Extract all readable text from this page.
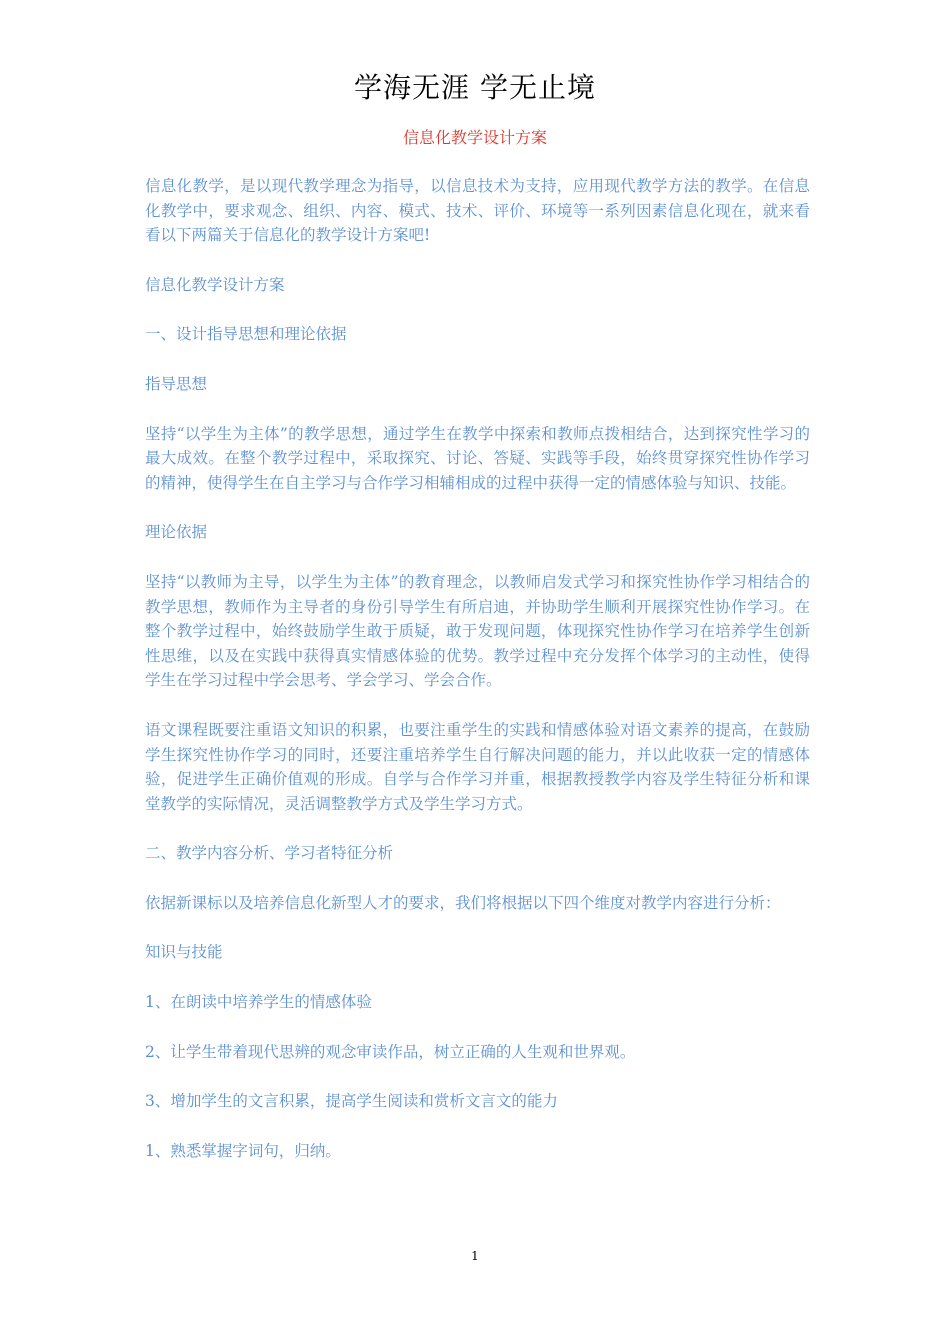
学海无涯 学无止境
信息化教学设计方案

信息化教学，是以现代教学理念为指导，以信息技术为支持，应用现代教学方法的教学。在信息化教学中，要求观念、组织、内容、模式、技术、评价、环境等一系列因素信息化现在，就来看看以下两篇关于信息化的教学设计方案吧!

信息化教学设计方案

一、设计指导思想和理论依据

指导思想

坚持“以学生为主体”的教学思想，通过学生在教学中探索和教师点拨相结合，达到探究性学习的最大成效。在整个教学过程中，采取探究、讨论、答疑、实践等手段，始终贯穿探究性协作学习的精神，使得学生在自主学习与合作学习相辅相成的过程中获得一定的情感体验与知识、技能。

理论依据

坚持“以教师为主导，以学生为主体”的教育理念，以教师启发式学习和探究性协作学习相结合的教学思想，教师作为主导者的身份引导学生有所启迪，并协助学生顺利开展探究性协作学习。在整个教学过程中，始终鼓励学生敢于质疑，敢于发现问题，体现探究性协作学习在培养学生创新性思维，以及在实践中获得真实情感体验的优势。教学过程中充分发挥个体学习的主动性，使得学生在学习过程中学会思考、学会学习、学会合作。

语文课程既要注重语文知识的积累，也要注重学生的实践和情感体验对语文素养的提高，在鼓励学生探究性协作学习的同时，还要注重培养学生自行解决问题的能力，并以此收获一定的情感体验，促进学生正确价值观的形成。自学与合作学习并重，根据教授教学内容及学生特征分析和课堂教学的实际情况，灵活调整教学方式及学生学习方式。

二、教学内容分析、学习者特征分析

依据新课标以及培养信息化新型人才的要求，我们将根据以下四个维度对教学内容进行分析：

知识与技能

1、在朗读中培养学生的情感体验

2、让学生带着现代思辨的观念审读作品，树立正确的人生观和世界观。

3、增加学生的文言积累，提高学生阅读和赏析文言文的能力

1、熟悉掌握字词句，归纳。

1
